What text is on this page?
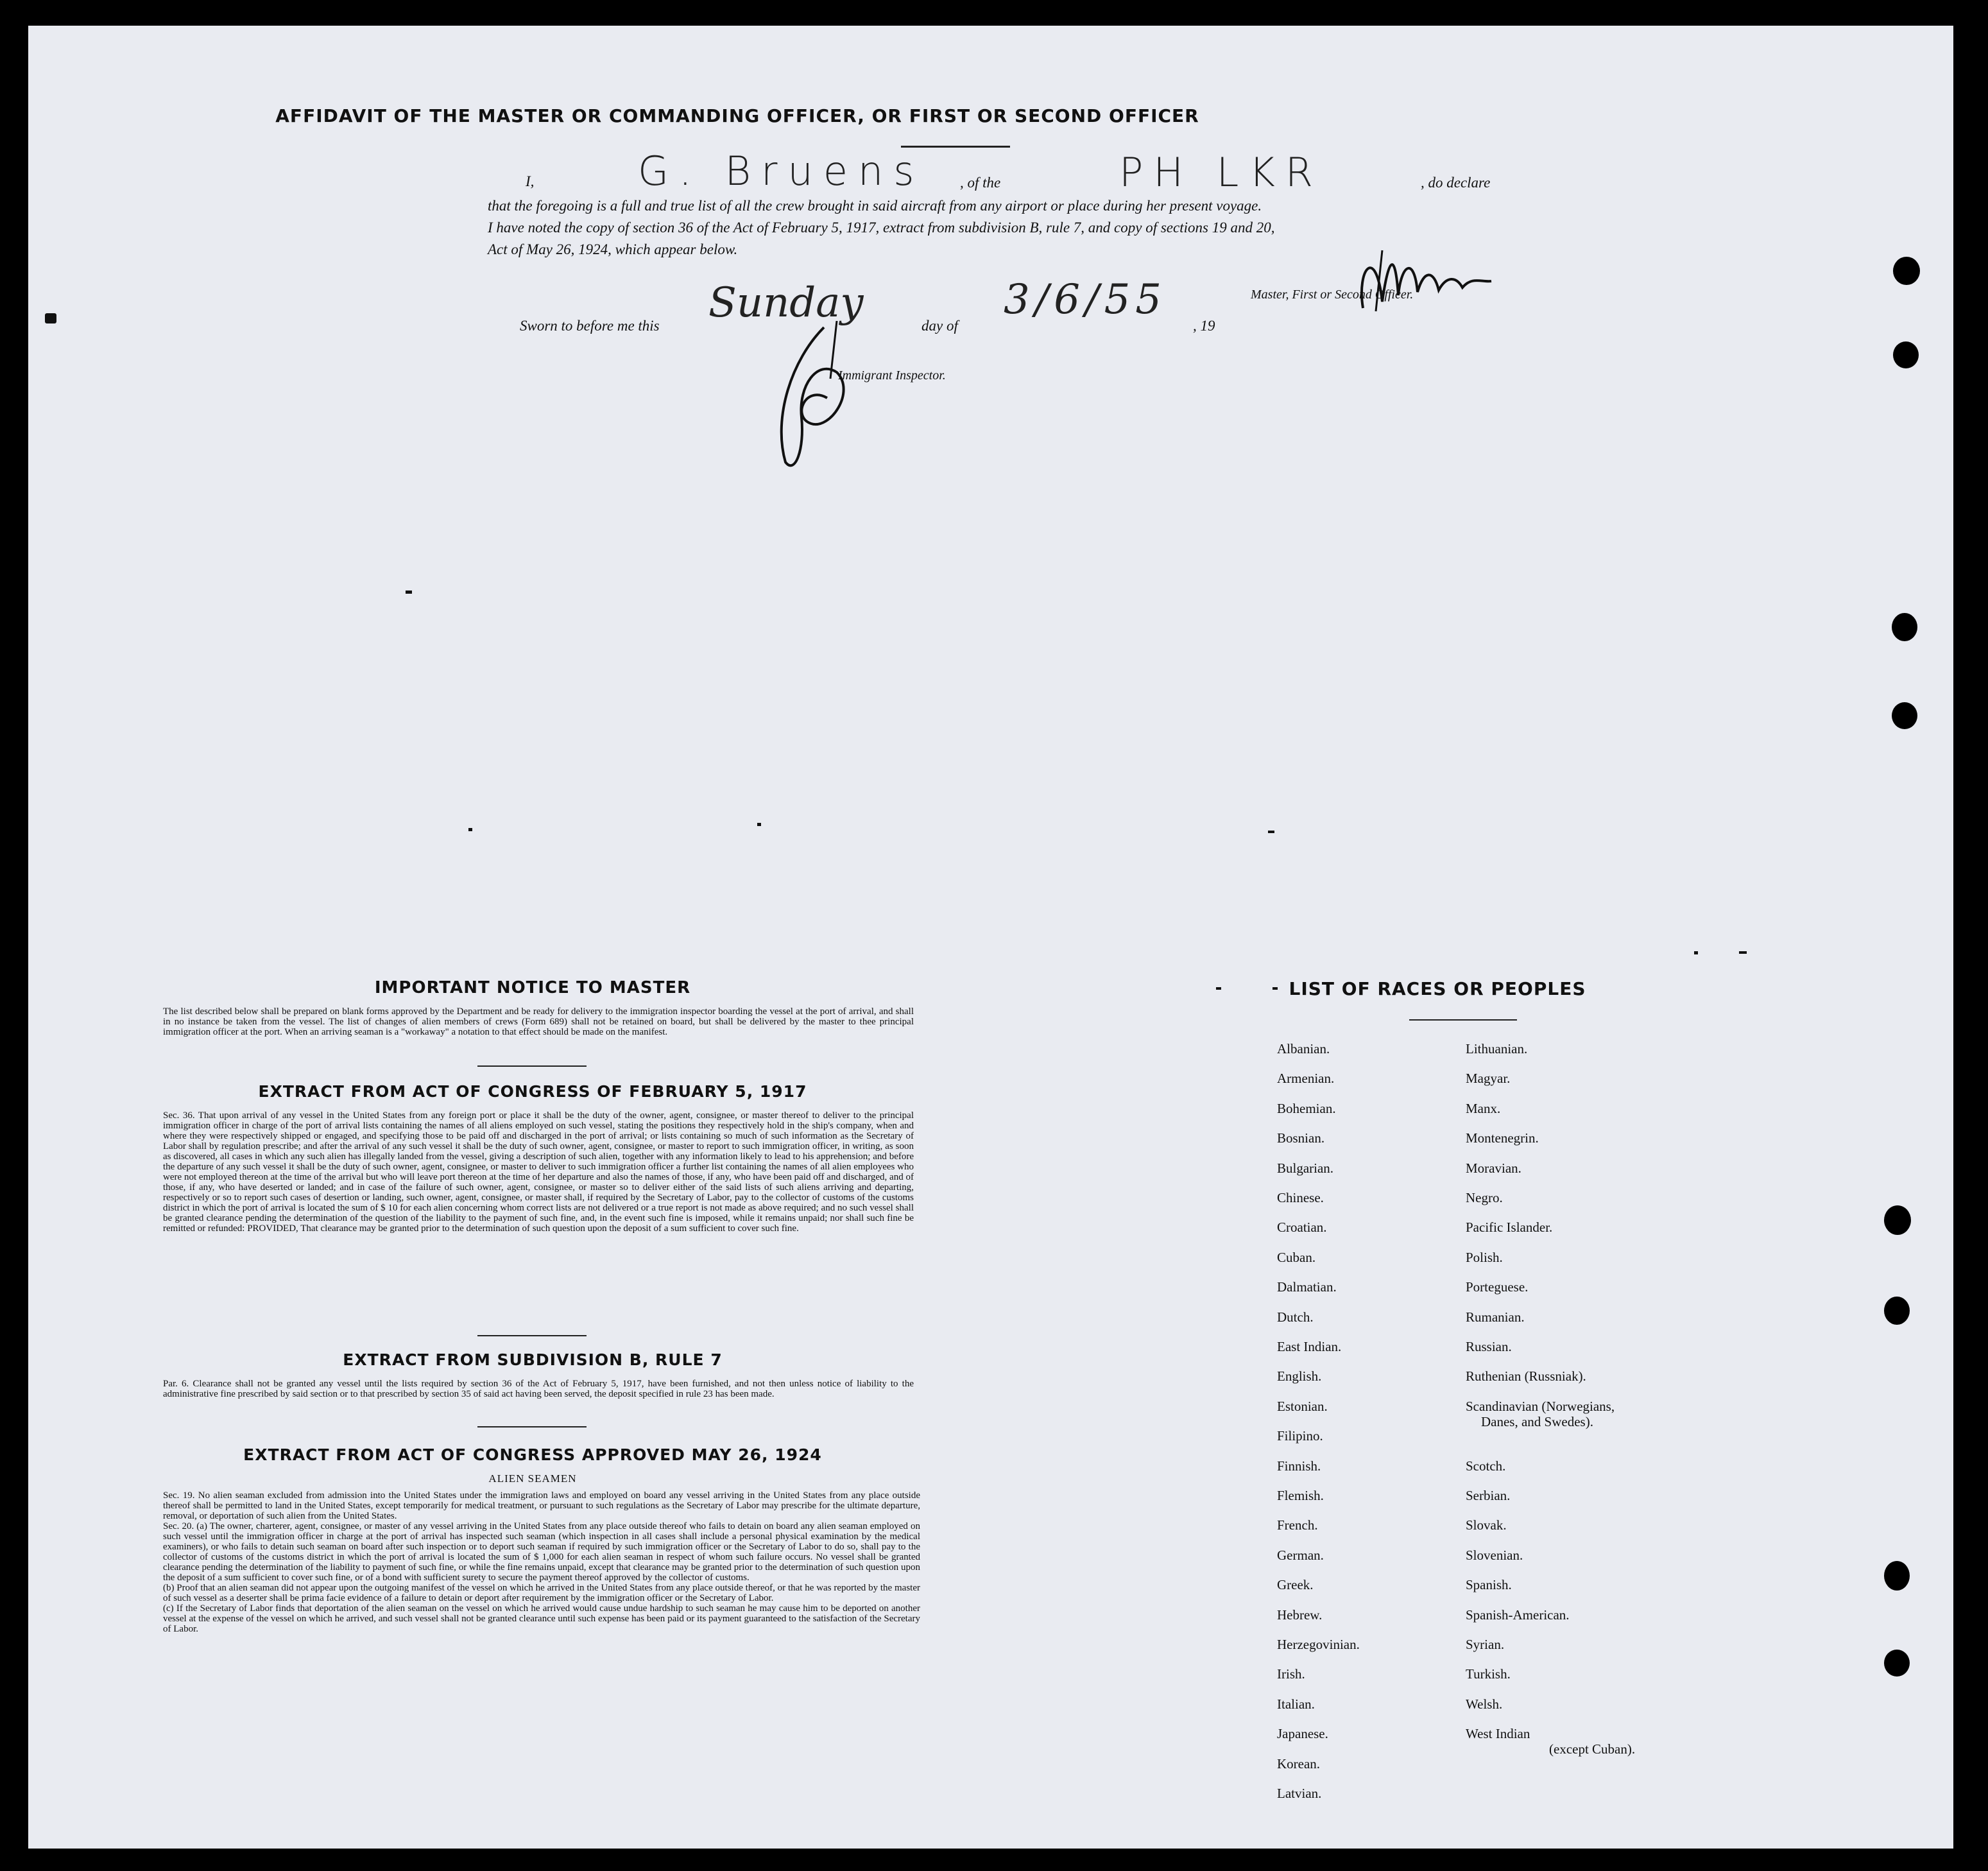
AFFIDAVIT OF THE MASTER OR COMMANDING OFFICER, OR FIRST OR SECOND OFFICER
I,	G. Bruens , of the	PH LKR	, do declare
that the foregoing is a full and true list of all the crew brought in said aircraft from any airport or place during her present voyage.
I have noted the copy of section 36 of the Act of February 5, 1917, extract from subdivision B, rule 7, and copy of sections 19 and 20,
Act of May 26, 1924, which appear below.
Master, First or Second Officer.
Sworn to before me this Sunday	day of
3/6/55
, 19
Immigrant Inspector.
IMPORTANT NOTICE TO MASTER
The list described below shall be prepared on blank forms approved by the Department and be ready for delivery to the immigration inspector boarding the vessel at the port of arrival, and shall in no instance be taken from the vessel. The list of changes of alien members of crews (Form 689) shall not be retained on board, but shall be delivered by the master to thee principal immigration officer at the port. When an arriving seaman is a "workaway" a notation to that effect should be made on the manifest.
EXTRACT FROM ACT OF CONGRESS OF FEBRUARY 5, 1917
Sec. 36. That upon arrival of any vessel in the United States from any foreign port or place it shall be the duty of the owner, agent, consignee, or master thereof to deliver to the principal immigration officer in charge of the port of arrival lists containing the names of all aliens employed on such vessel, stating the positions they respectively hold in the ship's company, when and where they were respectively shipped or engaged, and specifying those to be paid off and discharged in the port of arrival; or lists containing so much of such information as the Secretary of Labor shall by regulation prescribe; and after the arrival of any such vessel it shall be the duty of such owner, agent, consignee, or master to report to such immigration officer, in writing, as soon as discovered, all cases in which any such alien has illegally landed from the vessel, giving a description of such alien, together with any information likely to lead to his apprehension; and before the departure of any such vessel it shall be the duty of such owner, agent, consignee, or master to deliver to such immigration officer a further list containing the names of all alien employees who were not employed thereon at the time of the arrival but who will leave port thereon at the time of her departure and also the names of those, if any, who have been paid off and discharged, and of those, if any, who have deserted or landed; and in case of the failure of such owner, agent, consignee, or master so to deliver either of the said lists of such aliens arriving and departing, respectively or so to report such cases of desertion or landing, such owner, agent, consignee, or master shall, if required by the Secretary of Labor, pay to the collector of customs of the customs district in which the port of arrival is located the sum of $ 10 for each alien concerning whom correct lists are not delivered or a true report is not made as above required; and no such vessel shall be granted clearance pending the determination of the question of the liability to the payment of such fine, and, in the event such fine is imposed, while it remains unpaid; nor shall such fine be remitted or refunded: PROVIDED, That clearance may be granted prior to the determination of such question upon the deposit of a sum sufficient to cover such fine.
EXTRACT FROM SUBDIVISION B, RULE 7
Par. 6. Clearance shall not be granted any vessel until the lists required by section 36 of the Act of February 5, 1917, have been furnished, and not then unless notice of liability to the administrative fine prescribed by said section or to that prescribed by section 35 of said act having been served, the deposit specified in rule 23 has been made.
EXTRACT FROM ACT OF CONGRESS APPROVED MAY 26, 1924
ALIEN SEAMEN
Sec. 19. No alien seaman excluded from admission into the United States under the immigration laws and employed on board any vessel arriving in the United States from any place outside thereof shall be permitted to land in the United States, except temporarily for medical treatment, or pursuant to such regulations as the Secretary of Labor may prescribe for the ultimate departure, removal, or deportation of such alien from the United States.
Sec. 20. (a) The owner, charterer, agent, consignee, or master of any vessel arriving in the United States from any place outside thereof who fails to detain on board any alien seaman employed on such vessel until the immigration officer in charge at the port of arrival has inspected such seaman (which inspection in all cases shall include a personal physical examination by the medical examiners), or who fails to detain such seaman on board after such inspection or to deport such seaman if required by such immigration officer or the Secretary of Labor to do so, shall pay to the collector of customs of the customs district in which the port of arrival is located the sum of $ 1,000 for each alien seaman in respect of whom such failure occurs. No vessel shall be granted clearance pending the determination of the liability to payment of such fine, or while the fine remains unpaid, except that clearance may be granted prior to the determination of such question upon the deposit of a sum sufficient to cover such fine, or of a bond with sufficient surety to secure the payment thereof approved by the collector of customs.
(b) Proof that an alien seaman did not appear upon the outgoing manifest of the vessel on which he arrived in the United States from any place outside thereof, or that he was reported by the master of such vessel as a deserter shall be prima facie evidence of a failure to detain or deport after requirement by the immigration officer or the Secretary of Labor.
(c) If the Secretary of Labor finds that deportation of the alien seaman on the vessel on which he arrived would cause undue hardship to such seaman he may cause him to be deported on another vessel at the expense of the vessel on which he arrived, and such vessel shall not be granted clearance until such expense has been paid or its payment guaranteed to the satisfaction of the Secretary of Labor.
LIST OF RACES OR PEOPLES
Albanian.
Armenian.
Bohemian.
Bosnian.
Bulgarian.
Chinese.
Croatian.
Cuban.
Dalmatian.
Dutch.
East Indian.
English.
Estonian.
Filipino.
Finnish.
Flemish.
French.
German.
Greek.
Hebrew.
Herzegovinian.
Irish.
Italian.
Japanese.
Korean.
Latvian.
Lithuanian.
Magyar.
Manx.
Montenegrin.
Moravian.
Negro.
Pacific Islander.
Polish.
Porteguese.
Rumanian.
Russian.
Ruthenian (Russniak).
Scandinavian (Norwegians,
Danes, and Swedes).
Scotch.
Serbian.
Slovak.
Slovenian.
Spanish.
Spanish-American.
Syrian.
Turkish.
Welsh.
West Indian
(except Cuban).
